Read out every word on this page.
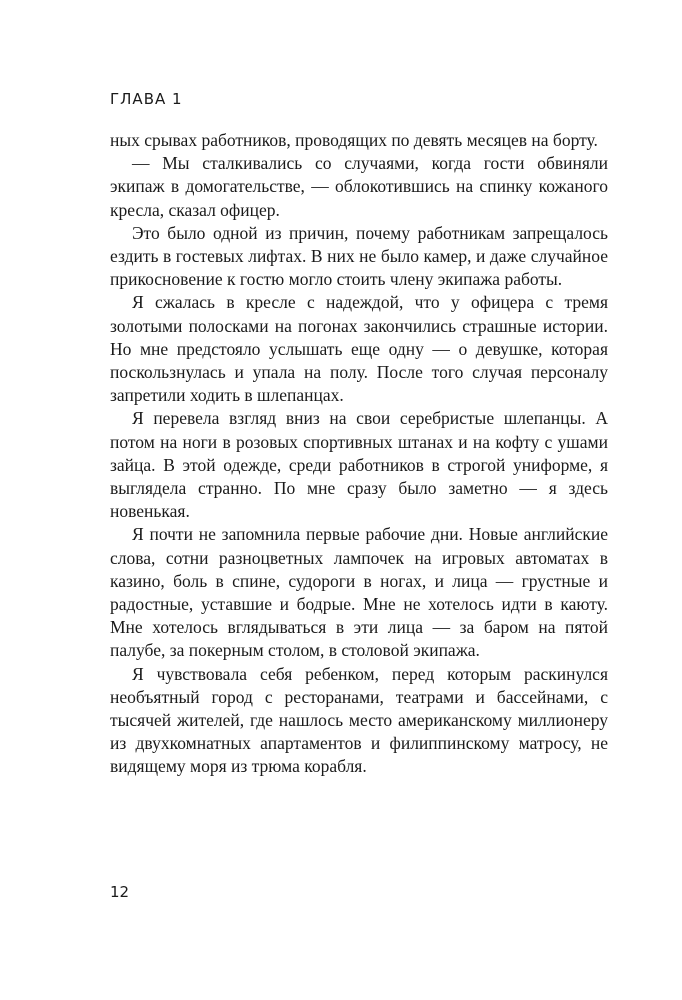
ГЛАВА 1

ных срывах работников, проводящих по девять месяцев на борту.

— Мы сталкивались со случаями, когда гости обвиняли экипаж в домогательстве, — облокотившись на спинку кожаного кресла, сказал офицер.

Это было одной из причин, почему работникам запрещалось ездить в гостевых лифтах. В них не было камер, и даже случайное прикосновение к гостю могло стоить члену экипажа работы.

Я сжалась в кресле с надеждой, что у офицера с тремя золотыми полосками на погонах закончились страшные истории. Но мне предстояло услышать еще одну — о девушке, которая поскользнулась и упала на полу. После того случая персоналу запретили ходить в шлепанцах.

Я перевела взгляд вниз на свои серебристые шлепанцы. А потом на ноги в розовых спортивных штанах и на кофту с ушами зайца. В этой одежде, среди работников в строгой униформе, я выглядела странно. По мне сразу было заметно — я здесь новенькая.

Я почти не запомнила первые рабочие дни. Новые английские слова, сотни разноцветных лампочек на игровых автоматах в казино, боль в спине, судороги в ногах, и лица — грустные и радостные, уставшие и бодрые. Мне не хотелось идти в каюту. Мне хотелось вглядываться в эти лица — за баром на пятой палубе, за покерным столом, в столовой экипажа.

Я чувствовала себя ребенком, перед которым раскинулся необъятный город с ресторанами, театрами и бассейнами, с тысячей жителей, где нашлось место американскому миллионеру из двухкомнатных апартаментов и филиппинскому матросу, не видящему моря из трюма корабля.

12
